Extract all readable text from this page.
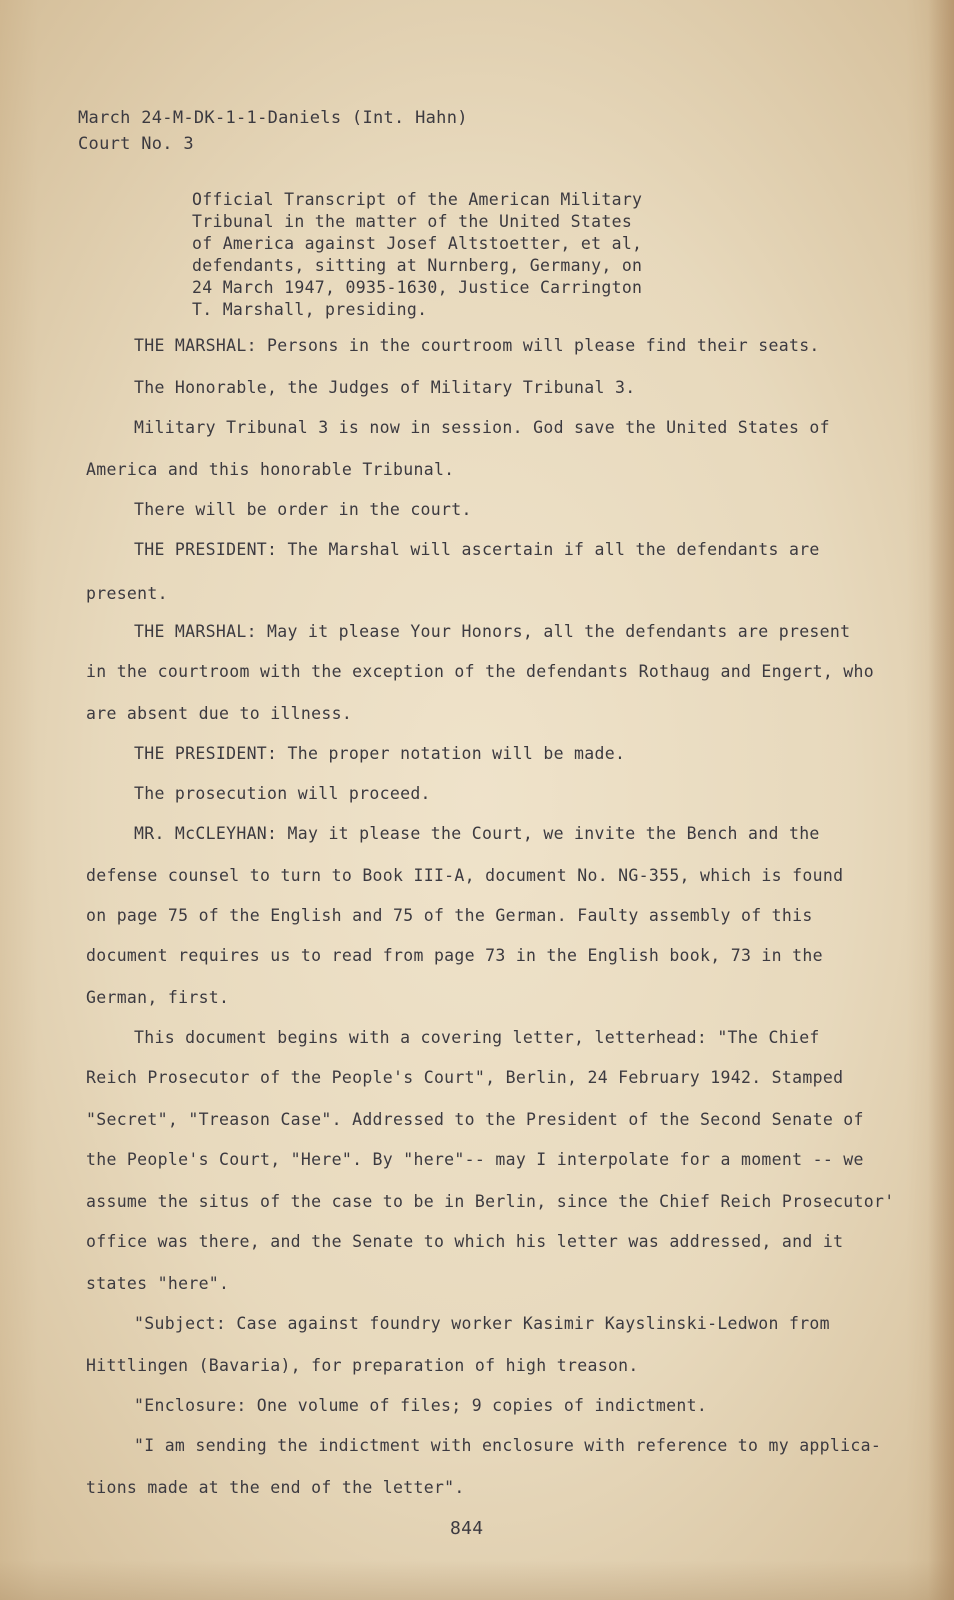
March 24-M-DK-1-1-Daniels (Int. Hahn)
Court No. 3
Official Transcript of the American Military
Tribunal in the matter of the United States
of America against Josef Altstoetter, et al,
defendants, sitting at Nurnberg, Germany, on
24 March 1947, 0935-1630, Justice Carrington
T. Marshall, presiding.
THE MARSHAL: Persons in the courtroom will please find their seats.
The Honorable, the Judges of Military Tribunal 3.
Military Tribunal 3 is now in session. God save the United States of
America and this honorable Tribunal.
There will be order in the court.
THE PRESIDENT: The Marshal will ascertain if all the defendants are
present.
THE MARSHAL: May it please Your Honors, all the defendants are present
in the courtroom with the exception of the defendants Rothaug and Engert, who
are absent due to illness.
THE PRESIDENT: The proper notation will be made.
The prosecution will proceed.
MR. McCLEYHAN: May it please the Court, we invite the Bench and the
defense counsel to turn to Book III-A, document No. NG-355, which is found
on page 75 of the English and 75 of the German. Faulty assembly of this
document requires us to read from page 73 in the English book, 73 in the
German, first.
This document begins with a covering letter, letterhead: "The Chief
Reich Prosecutor of the People's Court", Berlin, 24 February 1942. Stamped
"Secret", "Treason Case". Addressed to the President of the Second Senate of
the People's Court, "Here". By "here"-- may I interpolate for a moment -- we
assume the situs of the case to be in Berlin, since the Chief Reich Prosecutor'
office was there, and the Senate to which his letter was addressed, and it
states "here".
"Subject: Case against foundry worker Kasimir Kayslinski-Ledwon from
Hittlingen (Bavaria), for preparation of high treason.
"Enclosure: One volume of files; 9 copies of indictment.
"I am sending the indictment with enclosure with reference to my applica-
tions made at the end of the letter".
844
